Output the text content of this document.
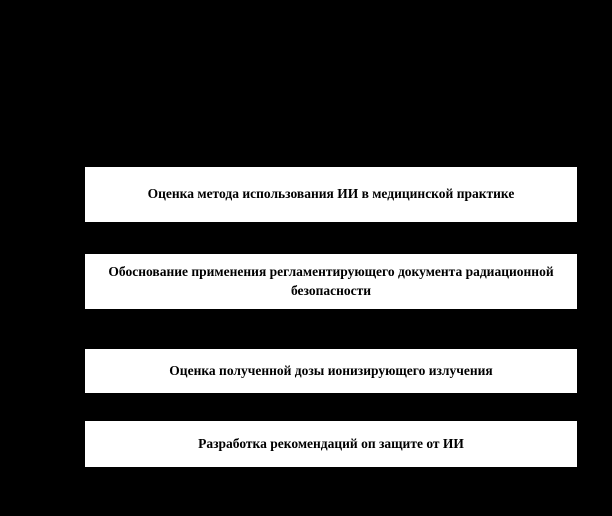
Оценка метода использования ИИ в медицинской практике
Обоснование применения регламентирующего документа радиационной безопасности
Оценка полученной дозы ионизирующего излучения
Разработка рекомендаций оп защите от ИИ
